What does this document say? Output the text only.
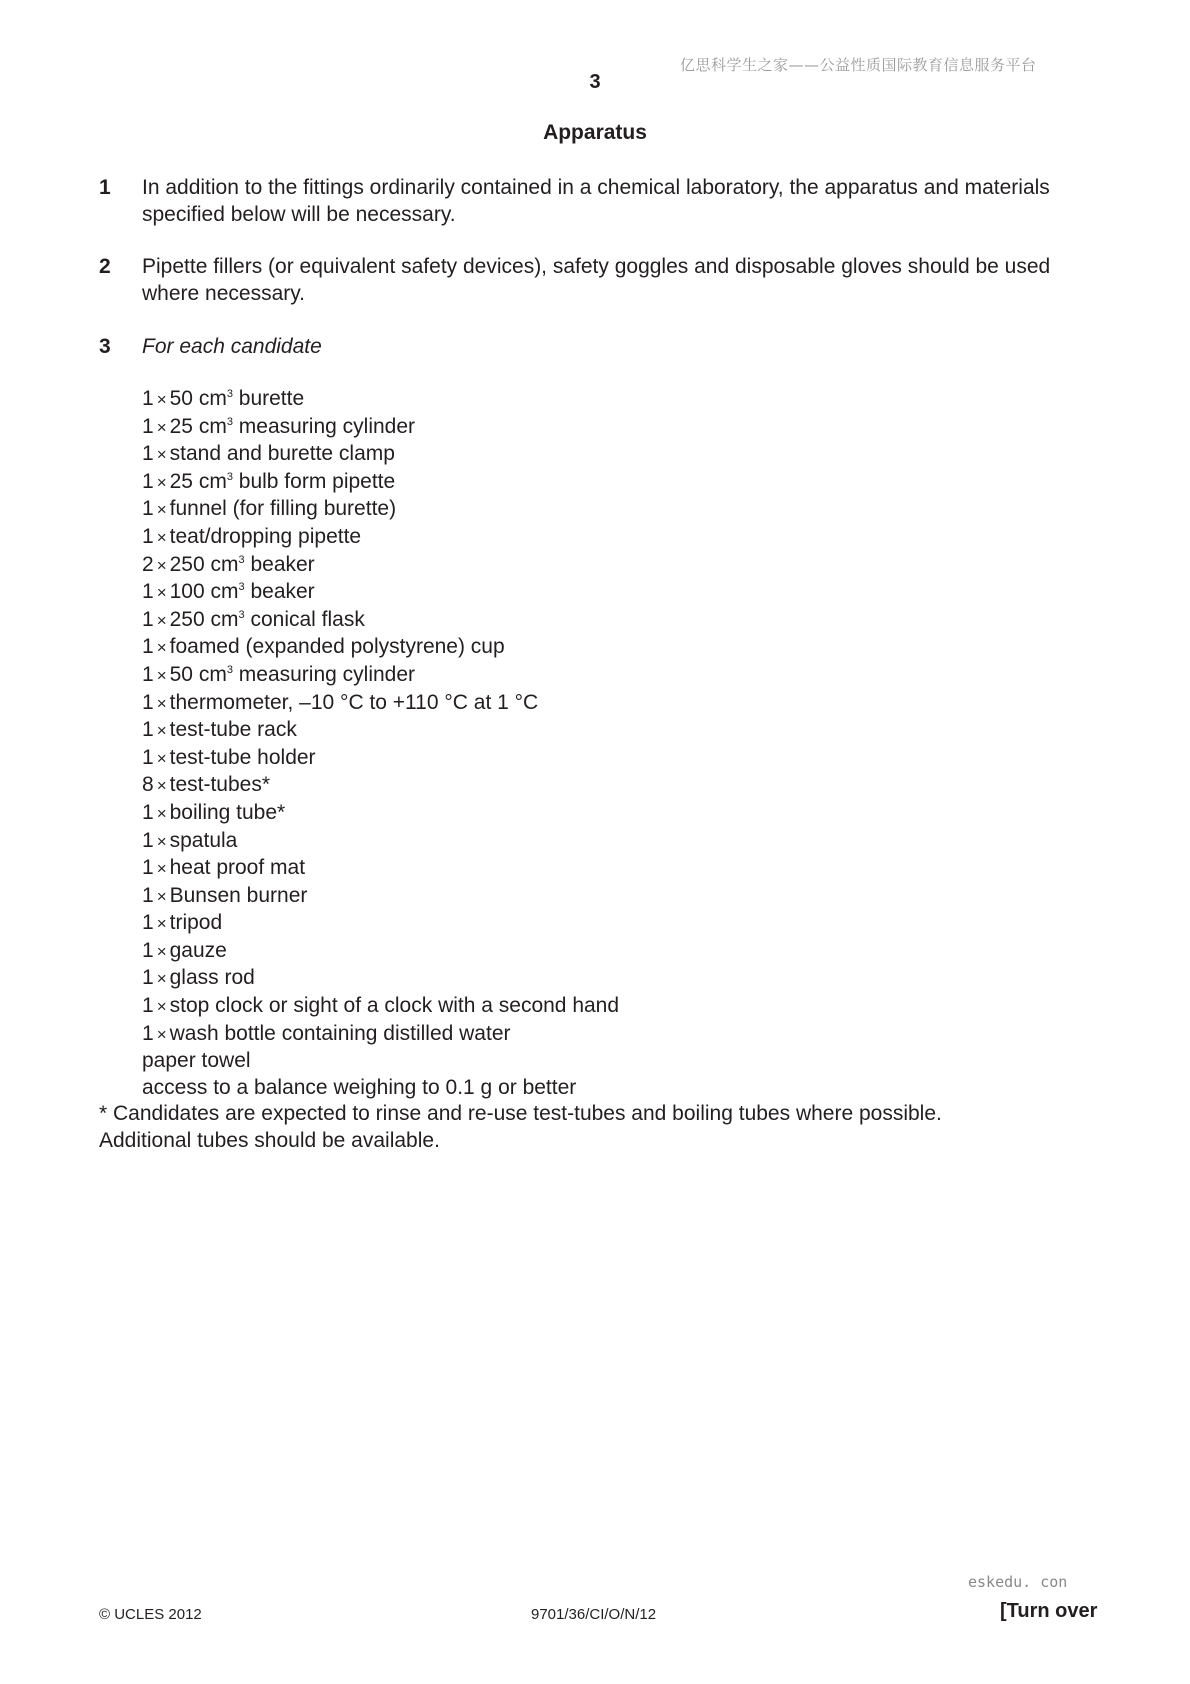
亿思科学生之家——公益性质国际教育信息服务平台
3
Apparatus
1 In addition to the fittings ordinarily contained in a chemical laboratory, the apparatus and materials specified below will be necessary.
2 Pipette fillers (or equivalent safety devices), safety goggles and disposable gloves should be used where necessary.
3 For each candidate
1 × 50 $cm^3$ burette
1 × 25 $cm^3$ measuring cylinder
1 × stand and burette clamp
1 × 25 $cm^3$ bulb form pipette
1 × funnel (for filling burette)
1 × teat/dropping pipette
2 × 250 $cm^3$ beaker
1 × 100 $cm^3$ beaker
1 × 250 $cm^3$ conical flask
1 × foamed (expanded polystyrene) cup
1 × 50 $cm^3$ measuring cylinder
1 × thermometer, –10 °C to +110 °C at 1 °C
1 × test-tube rack
1 × test-tube holder
8 × test-tubes*
1 × boiling tube*
1 × spatula
1 × heat proof mat
1 × Bunsen burner
1 × tripod
1 × gauze
1 × glass rod
1 × stop clock or sight of a clock with a second hand
1 × wash bottle containing distilled water
paper towel
access to a balance weighing to 0.1 g or better
* Candidates are expected to rinse and re-use test-tubes and boiling tubes where possible.
Additional tubes should be available.
eskedu. con
© UCLES 2012	9701/36/CI/O/N/12	[Turn over
